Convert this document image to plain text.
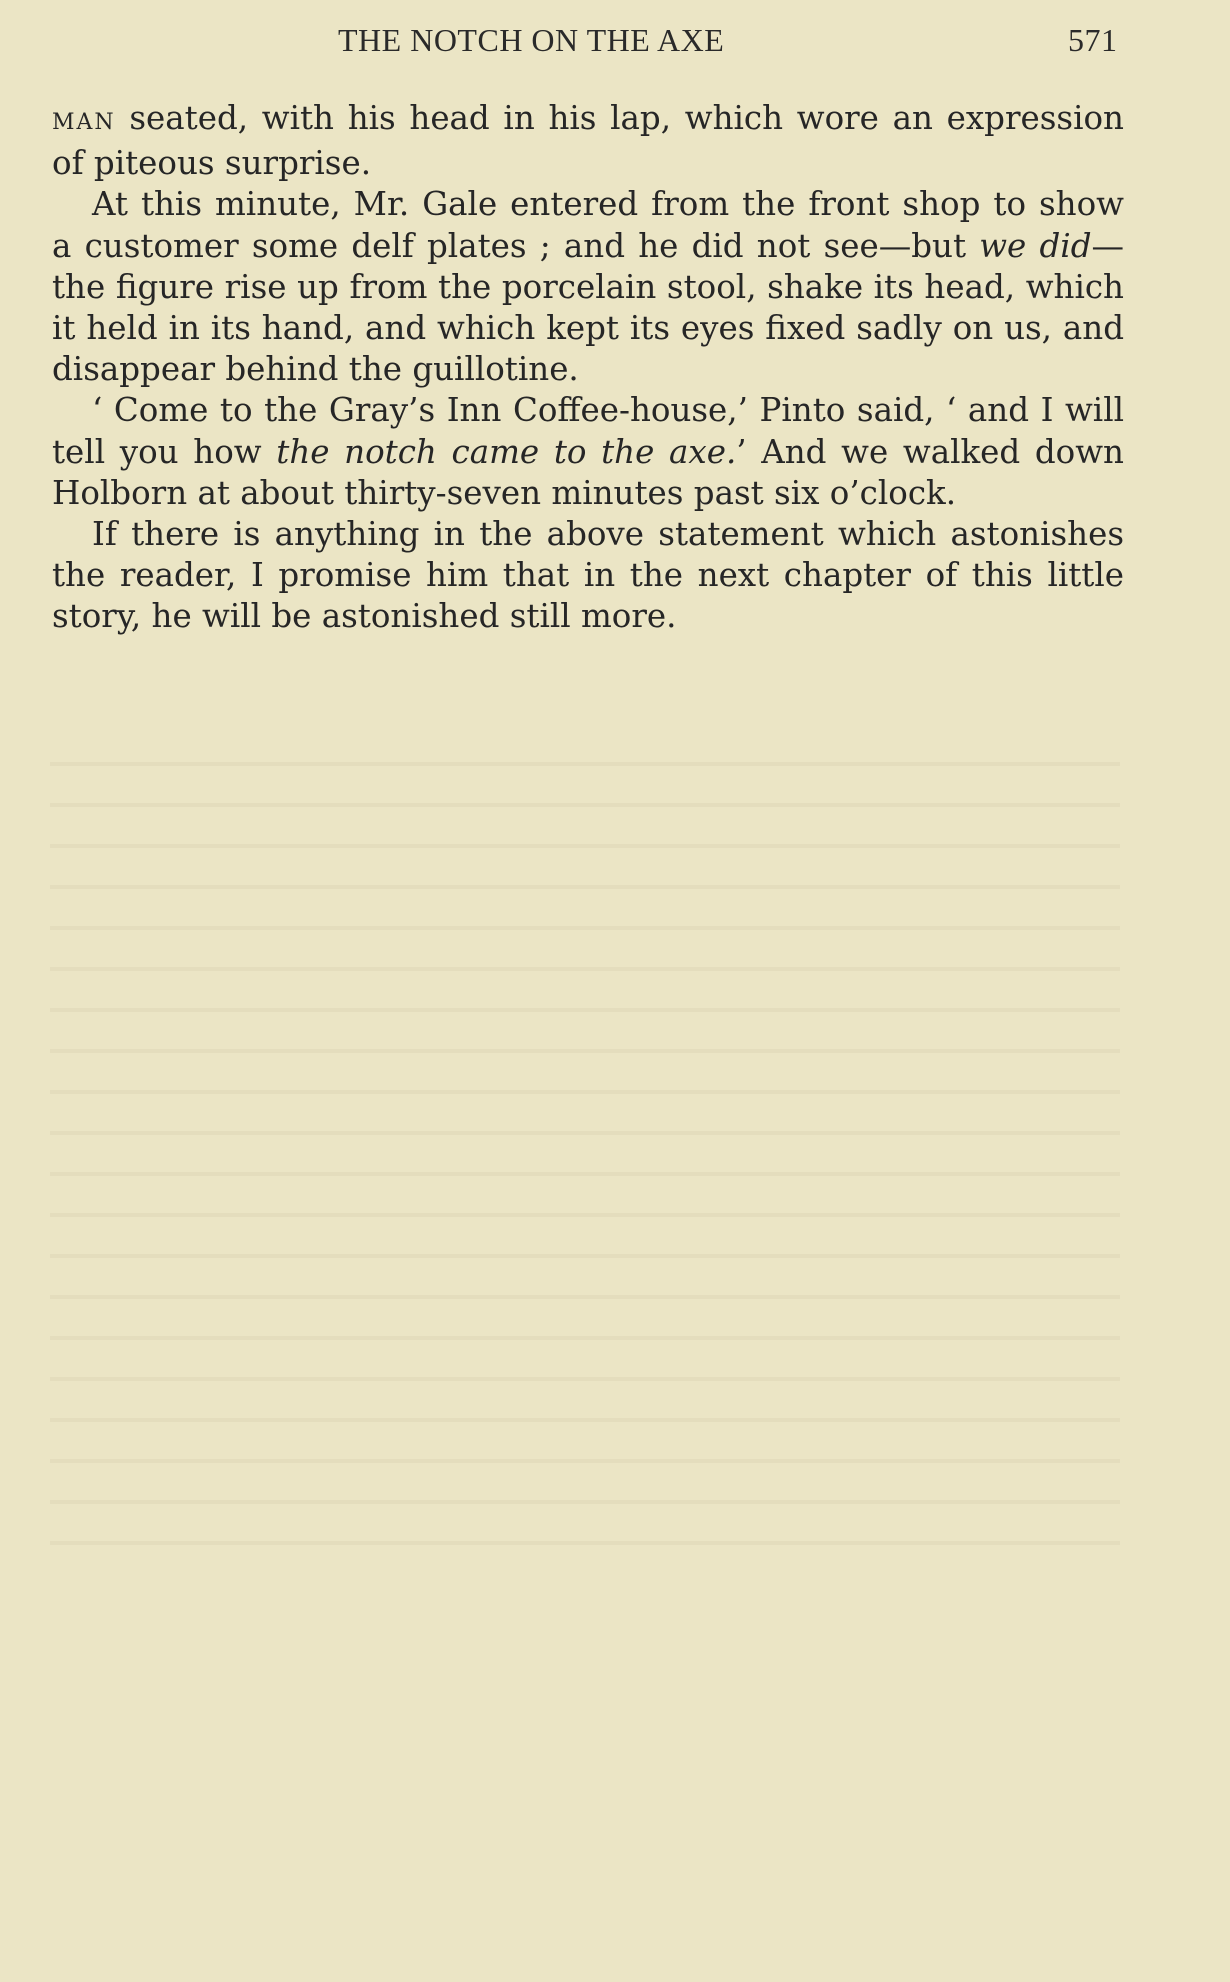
THE NOTCH ON THE AXE	571

MAN seated, with his head in his lap, which wore an expression of piteous surprise.

At this minute, Mr. Gale entered from the front shop to show a customer some delf plates ; and he did not see—but we did—the figure rise up from the porcelain stool, shake its head, which it held in its hand, and which kept its eyes fixed sadly on us, and disappear behind the guillotine.

‘ Come to the Gray’s Inn Coffee-house,’ Pinto said, ‘ and I will tell you how the notch came to the axe.’ And we walked down Holborn at about thirty-seven minutes past six o’clock.

If there is anything in the above statement which astonishes the reader, I promise him that in the next chapter of this little story, he will be astonished still more.
